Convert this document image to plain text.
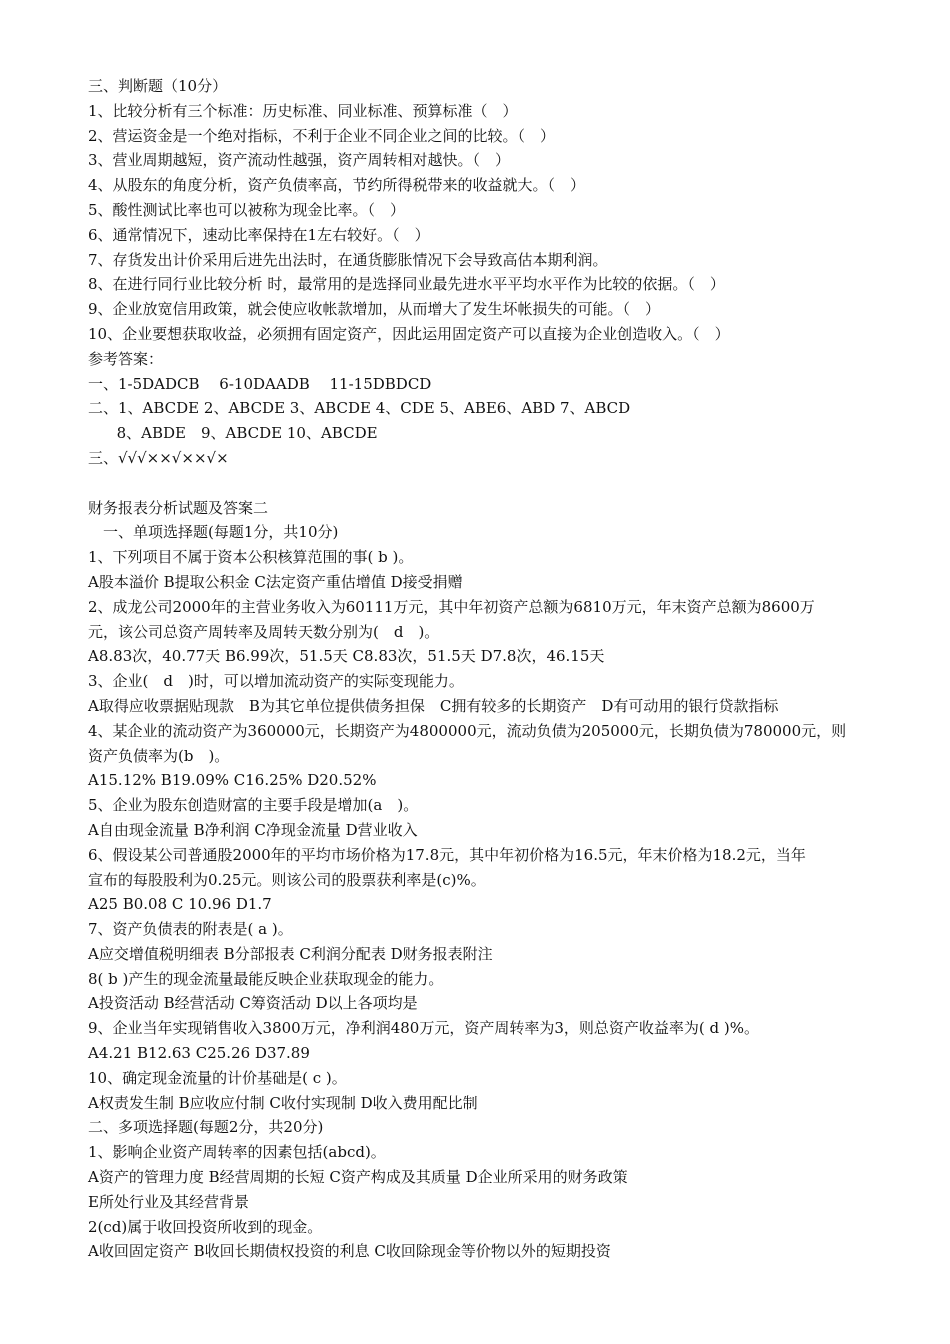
三、判断题（10分）
1、比较分析有三个标准：历史标准、同业标准、预算标准（　）
2、营运资金是一个绝对指标，不利于企业不同企业之间的比较。（　）
3、营业周期越短，资产流动性越强，资产周转相对越快。（　）
4、从股东的角度分析，资产负债率高，节约所得税带来的收益就大。（　）
5、酸性测试比率也可以被称为现金比率。（　）
6、通常情况下，速动比率保持在1左右较好。（　）
7、存货发出计价采用后进先出法时，在通货膨胀情况下会导致高估本期利润。
8、在进行同行业比较分析 时，最常用的是选择同业最先进水平平均水平作为比较的依据。（　）
9、企业放宽信用政策，就会使应收帐款增加，从而增大了发生坏帐损失的可能。（　）
10、企业要想获取收益，必须拥有固定资产，因此运用固定资产可以直接为企业创造收入。（　）
参考答案：
一、1-5DADCB　 6-10DAADB　 11-15DBDCD
二、1、ABCDE 2、ABCDE 3、ABCDE 4、CDE 5、ABE6、ABD 7、ABCD
8、ABDE　9、ABCDE 10、ABCDE
三、√√√××√××√×
财务报表分析试题及答案二
　一、单项选择题(每题1分，共10分)
1、下列项目不属于资本公积核算范围的事( b )。
A股本溢价 B提取公积金 C法定资产重估增值 D接受捐赠
2、成龙公司2000年的主营业务收入为60111万元，其中年初资产总额为6810万元，年末资产总额为8600万
元，该公司总资产周转率及周转天数分别为(　d　)。
A8.83次，40.77天 B6.99次，51.5天 C8.83次，51.5天 D7.8次，46.15天
3、企业(　d　)时，可以增加流动资产的实际变现能力。
A取得应收票据贴现款　B为其它单位提供债务担保　C拥有较多的长期资产　D有可动用的银行贷款指标
4、某企业的流动资产为360000元，长期资产为4800000元，流动负债为205000元，长期负债为780000元，则
资产负债率为(b　)。
A15.12% B19.09% C16.25% D20.52%
5、企业为股东创造财富的主要手段是增加(a　)。
A自由现金流量 B净利润 C净现金流量 D营业收入
6、假设某公司普通股2000年的平均市场价格为17.8元，其中年初价格为16.5元，年末价格为18.2元，当年
宣布的每股股利为0.25元。则该公司的股票获利率是(c)%。
A25 B0.08 C 10.96 D1.7
7、资产负债表的附表是( a )。
A应交增值税明细表 B分部报表 C利润分配表 D财务报表附注
8( b )产生的现金流量最能反映企业获取现金的能力。
A投资活动 B经营活动 C筹资活动 D以上各项均是
9、企业当年实现销售收入3800万元，净利润480万元，资产周转率为3，则总资产收益率为( d )%。
A4.21 B12.63 C25.26 D37.89
10、确定现金流量的计价基础是( c )。
A权责发生制 B应收应付制 C收付实现制 D收入费用配比制
二、多项选择题(每题2分，共20分)
1、影响企业资产周转率的因素包括(abcd)。
A资产的管理力度 B经营周期的长短 C资产构成及其质量 D企业所采用的财务政策
E所处行业及其经营背景
2(cd)属于收回投资所收到的现金。
A收回固定资产 B收回长期债权投资的利息 C收回除现金等价物以外的短期投资
